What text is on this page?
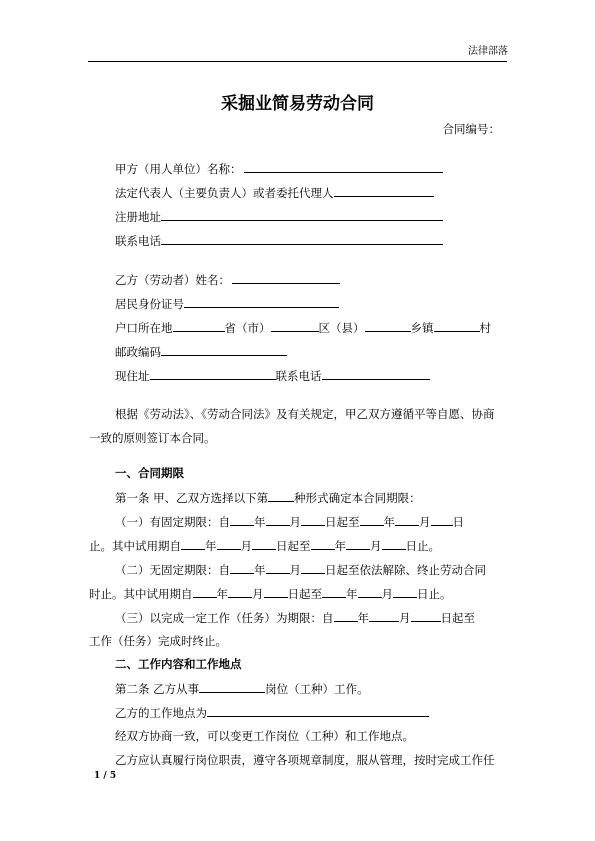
法律部落
采掘业简易劳动合同
合同编号：
甲方（用人单位）名称：
法定代表人（主要负责人）或者委托代理人
注册地址
联系电话
乙方（劳动者）姓名：
居民身份证号
户口所在地	省（市）	区（县）	乡镇	村
邮政编码
现住址	联系电话
根据《劳动法》、《劳动合同法》及有关规定，甲乙双方遵循平等自愿、协商
一致的原则签订本合同。
一、合同期限
第一条 甲、乙双方选择以下第 种形式确定本合同期限：
（一）有固定期限：自 年 月 日起至 年 月 日
止。其中试用期自 年 月 日起至 年 月 日止。
（二）无固定期限：自 年 月 日起至依法解除、终止劳动合同
时止。其中试用期自 年 月 日起至 年 月 日止。
（三）以完成一定工作（任务）为期限：自 年	月	日起至
工作（任务）完成时终止。
二、工作内容和工作地点
第二条 乙方从事	岗位（工种）工作。
乙方的工作地点为
经双方协商一致，可以变更工作岗位（工种）和工作地点。
乙方应认真履行岗位职责，遵守各项规章制度，服从管理，按时完成工作任
1 / 5
